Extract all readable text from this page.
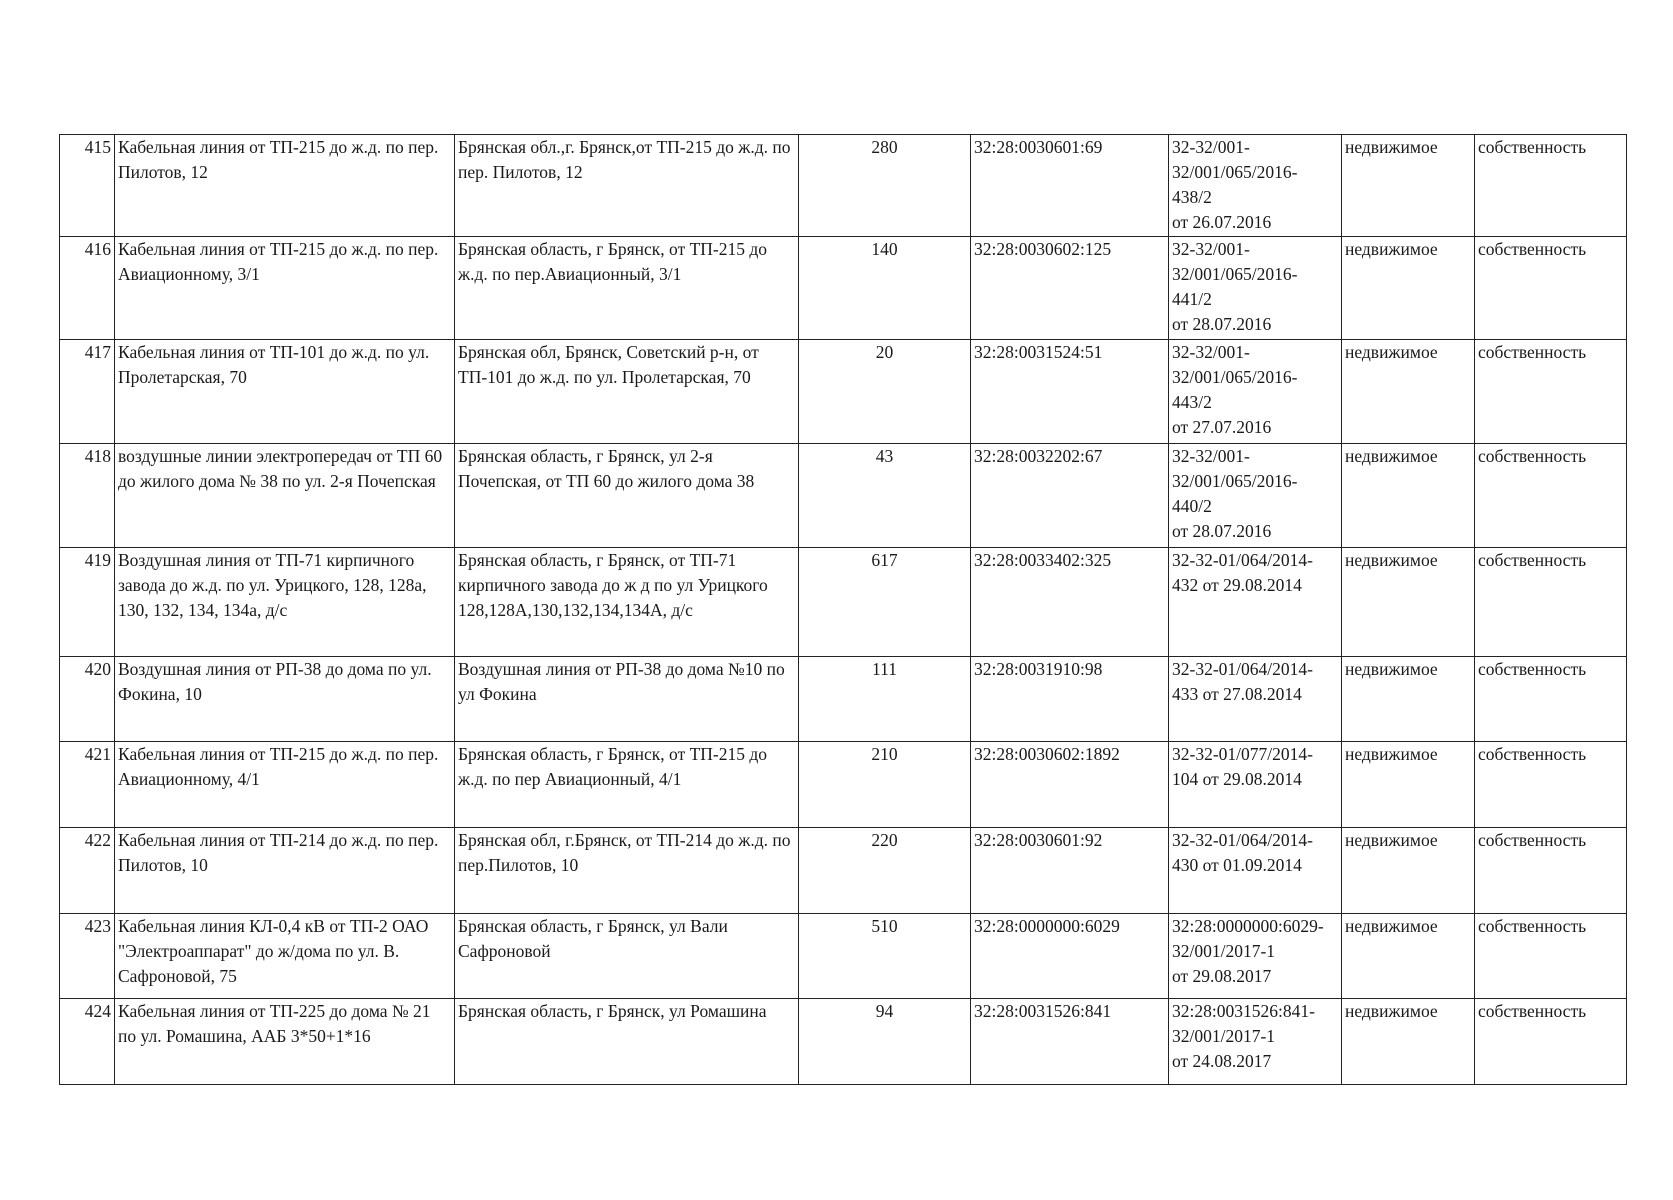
415	Кабельная линия от ТП-215 до ж.д. по пер. Пилотов, 12	Брянская обл.,г. Брянск,от ТП-215 до ж.д. по пер. Пилотов, 12	280	32:28:0030601:69	32-32/001-
32/001/065/2016-
438/2
от 26.07.2016	недвижимое	собственность
416	Кабельная линия от ТП-215 до ж.д. по пер. Авиационному, 3/1	Брянская область, г Брянск, от ТП-215 до ж.д. по пер.Авиационный, 3/1	140	32:28:0030602:125	32-32/001-
32/001/065/2016-
441/2
от 28.07.2016	недвижимое	собственность
417	Кабельная линия от ТП-101 до ж.д. по ул. Пролетарская, 70	Брянская обл, Брянск, Советский р-н, от ТП-101 до ж.д. по ул. Пролетарская, 70	20	32:28:0031524:51	32-32/001-
32/001/065/2016-
443/2
от 27.07.2016	недвижимое	собственность
418	воздушные линии электропередач от ТП 60 до жилого дома № 38 по ул. 2-я Почепская	Брянская область, г Брянск, ул 2-я Почепская, от ТП 60 до жилого дома 38	43	32:28:0032202:67	32-32/001-
32/001/065/2016-
440/2
от 28.07.2016	недвижимое	собственность
419	Воздушная линия от ТП-71 кирпичного завода до ж.д. по ул. Урицкого, 128, 128а, 130, 132, 134, 134а, д/с	Брянская область, г Брянск, от ТП-71 кирпичного завода до ж д по ул Урицкого 128,128А,130,132,134,134А, д/с	617	32:28:0033402:325	32-32-01/064/2014-
432 от 29.08.2014	недвижимое	собственность
420	Воздушная линия от РП-38 до дома по ул. Фокина, 10	Воздушная линия от РП-38 до дома №10 по ул Фокина	111	32:28:0031910:98	32-32-01/064/2014-
433 от 27.08.2014	недвижимое	собственность
421	Кабельная линия от ТП-215 до ж.д. по пер. Авиационному, 4/1	Брянская область, г Брянск, от ТП-215 до ж.д. по пер Авиационный, 4/1	210	32:28:0030602:1892	32-32-01/077/2014-
104 от 29.08.2014	недвижимое	собственность
422	Кабельная линия от ТП-214 до ж.д. по пер. Пилотов, 10	Брянская обл, г.Брянск, от ТП-214 до ж.д. по пер.Пилотов, 10	220	32:28:0030601:92	32-32-01/064/2014-
430 от 01.09.2014	недвижимое	собственность
423	Кабельная линия КЛ-0,4 кВ от ТП-2 ОАО "Электроаппарат" до ж/дома по ул. В. Сафроновой, 75	Брянская область, г Брянск, ул Вали Сафроновой	510	32:28:0000000:6029	32:28:0000000:6029-
32/001/2017-1
от 29.08.2017	недвижимое	собственность
424	Кабельная линия от ТП-225 до дома № 21 по ул. Ромашина, ААБ 3*50+1*16	Брянская область, г Брянск, ул Ромашина	94	32:28:0031526:841	32:28:0031526:841-
32/001/2017-1
от 24.08.2017	недвижимое	собственность
